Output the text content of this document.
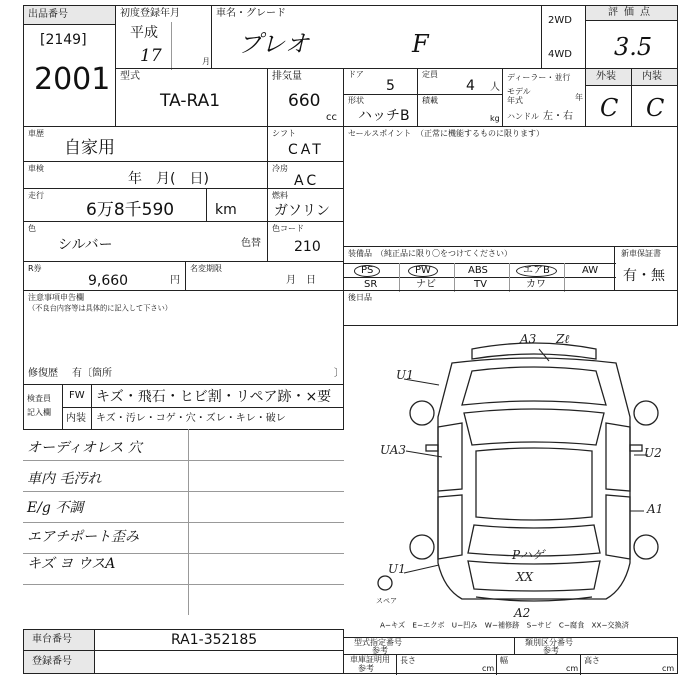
出品番号
[2149]
2001
初度登録年月
平成
17	月
車名・グレード
プレオ	F
2WD
4WD
評価点
3.5
型式
TA-RA1
排気量
660
cc
ドア
5
定員
4 人
ディーラー・並行
モデル年式	年
ハンドル 左・右
外装	内装
C C
形状
ハッチB
積載
kg
車歴
自家用
シフト
CAT
車検
年　月(　日)
冷房
AC
走行
6万8千590	km
燃料
ガソリン
色
シルバー	色替
色コード
210
R券
9,660	円
名変期限
月　日
セールスポイント （正常に機能するものに限ります）
装備品 （純正品に限り〇をつけてください）
PS	PW	ABS	エアB	AW
SR	ナビ	TV	カワ
新車保証書
有・無
後日品
注意事項申告欄
（不良台内容等は具体的に記入して下さい）
修復歴 有〔箇所	〕
検査員
記入欄
FW キズ・飛石・ヒビ割・リペア跡・×要
内装 キズ・汚レ・コゲ・穴・ズレ・キレ・破レ
オーディオレス 穴
車内 毛汚れ
E/g 不調
エアチポート歪み
キズ ヨ ウスA
A3 Zℓ
U1
UA3	U2
A1
U1
Pハゲ
XX
A2
スペア
A−キズ　E−エクボ　U−凹み　W−補修跡　S−サビ　C−腐食　XX−交換済
車台番号	RA1-352185
登録番号
型式指定番号
参考
類別区分番号
参考
車庫証明用
参考
長さ
cm
幅
cm
高さ
cm
